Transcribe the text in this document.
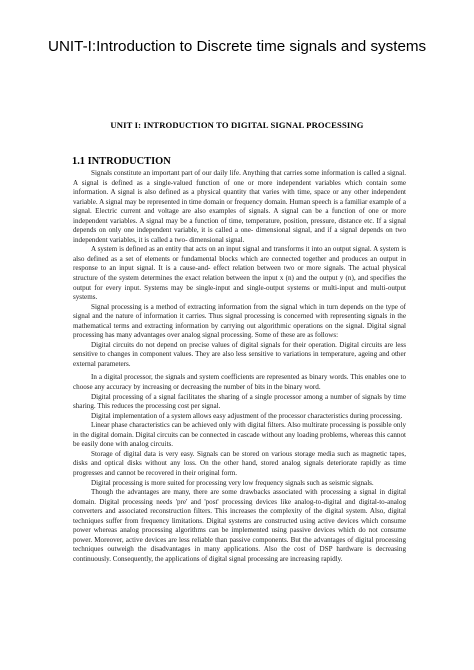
UNIT-I:Introduction to Discrete time signals and systems
UNIT I: INTRODUCTION TO DIGITAL SIGNAL PROCESSING
1.1 INTRODUCTION

Signals constitute an important part of our daily life. Anything that carries some information is called a signal. A signal is defined as a single-valued function of one or more independent variables which contain some information. A signal is also defined as a physical quantity that varies with time, space or any other independent variable. A signal may be represented in time domain or frequency domain. Human speech is a familiar example of a signal. Electric current and voltage are also examples of signals. A signal can be a function of one or more independent variables. A signal may be a function of time, temperature, position, pressure, distance etc. If a signal depends on only one independent variable, it is called a one- dimensional signal, and if a signal depends on two independent variables, it is called a two- dimensional signal.

A system is defined as an entity that acts on an input signal and transforms it into an output signal. A system is also defined as a set of elements or fundamental blocks which are connected together and produces an output in response to an input signal. It is a cause-and- effect relation between two or more signals. The actual physical structure of the system determines the exact relation between the input x (n) and the output y (n), and specifies the output for every input. Systems may be single-input and single-output systems or multi-input and multi-output systems.

Signal processing is a method of extracting information from the signal which in turn depends on the type of signal and the nature of information it carries. Thus signal processing is concerned with representing signals in the mathematical terms and extracting information by carrying out algorithmic operations on the signal. Digital signal processing has many advantages over analog signal processing. Some of these are as follows:

Digital circuits do not depend on precise values of digital signals for their operation. Digital circuits are less sensitive to changes in component values. They are also less sensitive to variations in temperature, ageing and other external parameters.

In a digital processor, the signals and system coefficients are represented as binary words. This enables one to choose any accuracy by increasing or decreasing the number of bits in the binary word.

Digital processing of a signal facilitates the sharing of a single processor among a number of signals by time sharing. This reduces the processing cost per signal.

Digital implementation of a system allows easy adjustment of the processor characteristics during processing.

Linear phase characteristics can be achieved only with digital filters. Also multirate processing is possible only in the digital domain. Digital circuits can be connected in cascade without any loading problems, whereas this cannot be easily done with analog circuits.

Storage of digital data is very easy. Signals can be stored on various storage media such as magnetic tapes, disks and optical disks without any loss. On the other hand, stored analog signals deteriorate rapidly as time progresses and cannot be recovered in their original form.

Digital processing is more suited for processing very low frequency signals such as seismic signals.

Though the advantages are many, there are some drawbacks associated with processing a signal in digital domain. Digital processing needs 'pre' and 'post' processing devices like analog-to-digital and digital-to-analog converters and associated reconstruction filters. This increases the complexity of the digital system. Also, digital techniques suffer from frequency limitations. Digital systems are constructed using active devices which consume power whereas analog processing algorithms can be implemented using passive devices which do not consume power. Moreover, active devices are less reliable than passive components. But the advantages of digital processing techniques outweigh the disadvantages in many applications. Also the cost of DSP hardware is decreasing continuously. Consequently, the applications of digital signal processing are increasing rapidly.
